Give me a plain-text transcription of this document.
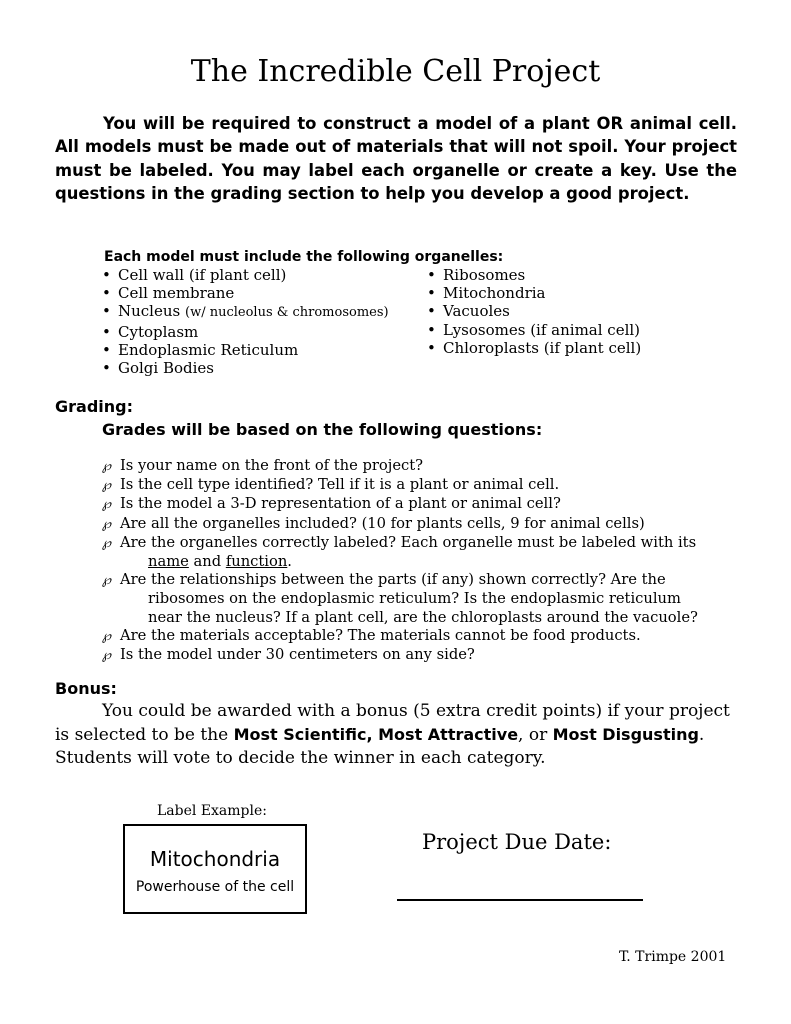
The Incredible Cell Project
You will be required to construct a model of a plant OR animal cell. All models must be made out of materials that will not spoil. Your project must be labeled. You may label each organelle or create a key. Use the questions in the grading section to help you develop a good project.
Each model must include the following organelles:
• Cell wall (if plant cell)
• Cell membrane
• Nucleus (w/ nucleolus & chromosomes)
• Cytoplasm
• Endoplasmic Reticulum
• Golgi Bodies
• Ribosomes
• Mitochondria
• Vacuoles
• Lysosomes (if animal cell)
• Chloroplasts (if plant cell)
Grading:
Grades will be based on the following questions:
℘ Is your name on the front of the project?
℘ Is the cell type identified? Tell if it is a plant or animal cell.
℘ Is the model a 3-D representation of a plant or animal cell?
℘ Are all the organelles included? (10 for plants cells, 9 for animal cells)
℘ Are the organelles correctly labeled? Each organelle must be labeled with its
name and function.
℘ Are the relationships between the parts (if any) shown correctly? Are the
ribosomes on the endoplasmic reticulum? Is the endoplasmic reticulum
near the nucleus? If a plant cell, are the chloroplasts around the vacuole?
℘ Are the materials acceptable? The materials cannot be food products.
℘ Is the model under 30 centimeters on any side?
Bonus:
You could be awarded with a bonus (5 extra credit points) if your project is selected to be the Most Scientific, Most Attractive, or Most Disgusting. Students will vote to decide the winner in each category.
Label Example:
Mitochondria
Powerhouse of the cell
Project Due Date:
T. Trimpe 2001
